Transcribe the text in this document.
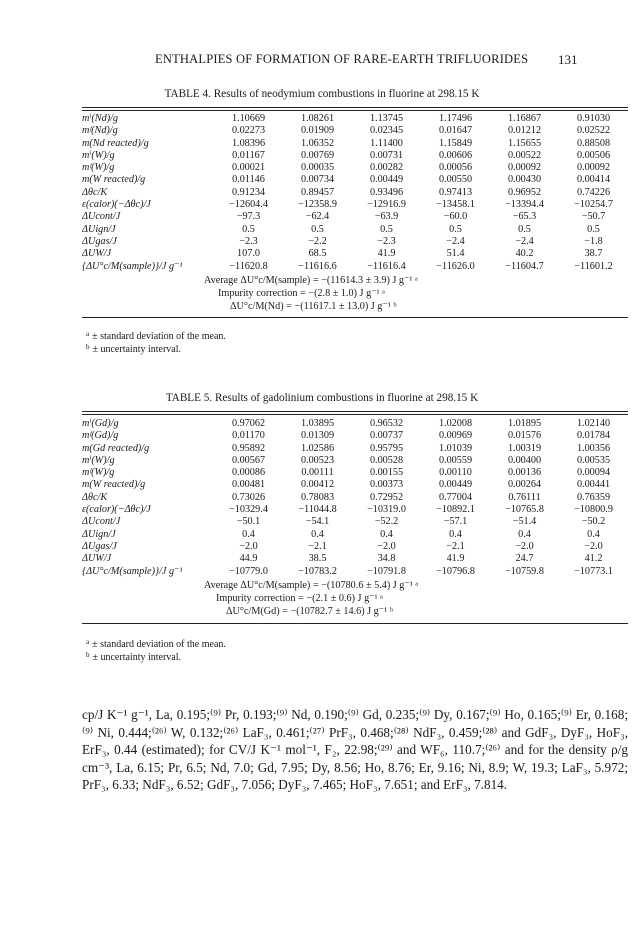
ENTHALPIES OF FORMATION OF RARE-EARTH TRIFLUORIDES 131
TABLE 4. Results of neodymium combustions in fluorine at 298.15 K
mⁱ(Nd)/g	1.10669	1.08261	1.13745	1.17496	1.16867	0.91030
mᶠ(Nd)/g	0.02273	0.01909	0.02345	0.01647	0.01212	0.02522
m(Nd reacted)/g	1.08396	1.06352	1.11400	1.15849	1.15655	0.88508
mⁱ(W)/g	0.01167	0.00769	0.00731	0.00606	0.00522	0.00506
mᶠ(W)/g	0.00021	0.00035	0.00282	0.00056	0.00092	0.00092
m(W reacted)/g	0.01146	0.00734	0.00449	0.00550	0.00430	0.00414
Δθc/K	0.91234	0.89457	0.93496	0.97413	0.96952	0.74226
ε(calor)(−Δθc)/J	−12604.4	−12358.9	−12916.9	−13458.1	−13394.4	−10254.7
ΔUcont/J	−97.3	−62.4	−63.9	−60.0	−65.3	−50.7
ΔUign/J	0.5	0.5	0.5	0.5	0.5	0.5
ΔUgas/J	−2.3	−2.2	−2.3	−2.4	−2.4	−1.8
ΔUW/J	107.0	68.5	41.9	51.4	40.2	38.7
{ΔU°c/M(sample)}/J g⁻¹	−11620.8	−11616.6	−11616.4	−11626.0	−11604.7	−11601.2
Average ΔU°c/M(sample) = −(11614.3 ± 3.9) J g⁻¹ ᵃ
Impurity correction = −(2.8 ± 1.0) J g⁻¹ ᵃ
ΔU°c/M(Nd) = −(11617.1 ± 13.0) J g⁻¹ ᵇ
$^a$ ± standard deviation of the mean.
$^b$ ± uncertainty interval.
TABLE 5. Results of gadolinium combustions in fluorine at 298.15 K
mⁱ(Gd)/g	0.97062	1.03895	0.96532	1.02008	1.01895	1.02140
mᶠ(Gd)/g	0.01170	0.01309	0.00737	0.00969	0.01576	0.01784
m(Gd reacted)/g	0.95892	1.02586	0.95795	1.01039	1.00319	1.00356
mⁱ(W)/g	0.00567	0.00523	0.00528	0.00559	0.00400	0.00535
mᶠ(W)/g	0.00086	0.00111	0.00155	0.00110	0.00136	0.00094
m(W reacted)/g	0.00481	0.00412	0.00373	0.00449	0.00264	0.00441
Δθc/K	0.73026	0.78083	0.72952	0.77004	0.76111	0.76359
ε(calor)(−Δθc)/J	−10329.4	−11044.8	−10319.0	−10892.1	−10765.8	−10800.9
ΔUcont/J	−50.1	−54.1	−52.2	−57.1	−51.4	−50.2
ΔUign/J	0.4	0.4	0.4	0.4	0.4	0.4
ΔUgas/J	−2.0	−2.1	−2.0	−2.1	−2.0	−2.0
ΔUW/J	44.9	38.5	34.8	41.9	24.7	41.2
{ΔU°c/M(sample)}/J g⁻¹	−10779.0	−10783.2	−10791.8	−10796.8	−10759.8	−10773.1
Average ΔU°c/M(sample) = −(10780.6 ± 5.4) J g⁻¹ ᵃ
Impurity correction = −(2.1 ± 0.6) J g⁻¹ ᵃ
ΔU°c/M(Gd) = −(10782.7 ± 14.6) J g⁻¹ ᵇ
$^a$ ± standard deviation of the mean.
$^b$ ± uncertainty interval.
cp/J K⁻¹ g⁻¹, La, 0.195;⁽⁹⁾ Pr, 0.193;⁽⁹⁾ Nd, 0.190;⁽⁹⁾ Gd, 0.235;⁽⁹⁾ Dy, 0.167;⁽⁹⁾ Ho, 0.165;⁽⁹⁾ Er, 0.168;⁽⁹⁾ Ni, 0.444;⁽²⁶⁾ W, 0.132;⁽²⁶⁾ LaF₃, 0.461;⁽²⁷⁾ PrF₃, 0.468;⁽²⁸⁾ NdF₃, 0.459;⁽²⁸⁾ and GdF₃, DyF₃, HoF₃, ErF₃, 0.44 (estimated); for CV/J K⁻¹ mol⁻¹, F₂, 22.98;⁽²⁹⁾ and WF₆, 110.7;⁽²⁶⁾ and for the density ρ/g cm⁻³, La, 6.15; Pr, 6.5; Nd, 7.0; Gd, 7.95; Dy, 8.56; Ho, 8.76; Er, 9.16; Ni, 8.9; W, 19.3; LaF₃, 5.972; PrF₃, 6.33; NdF₃, 6.52; GdF₃, 7.056; DyF₃, 7.465; HoF₃, 7.651; and ErF₃, 7.814.
